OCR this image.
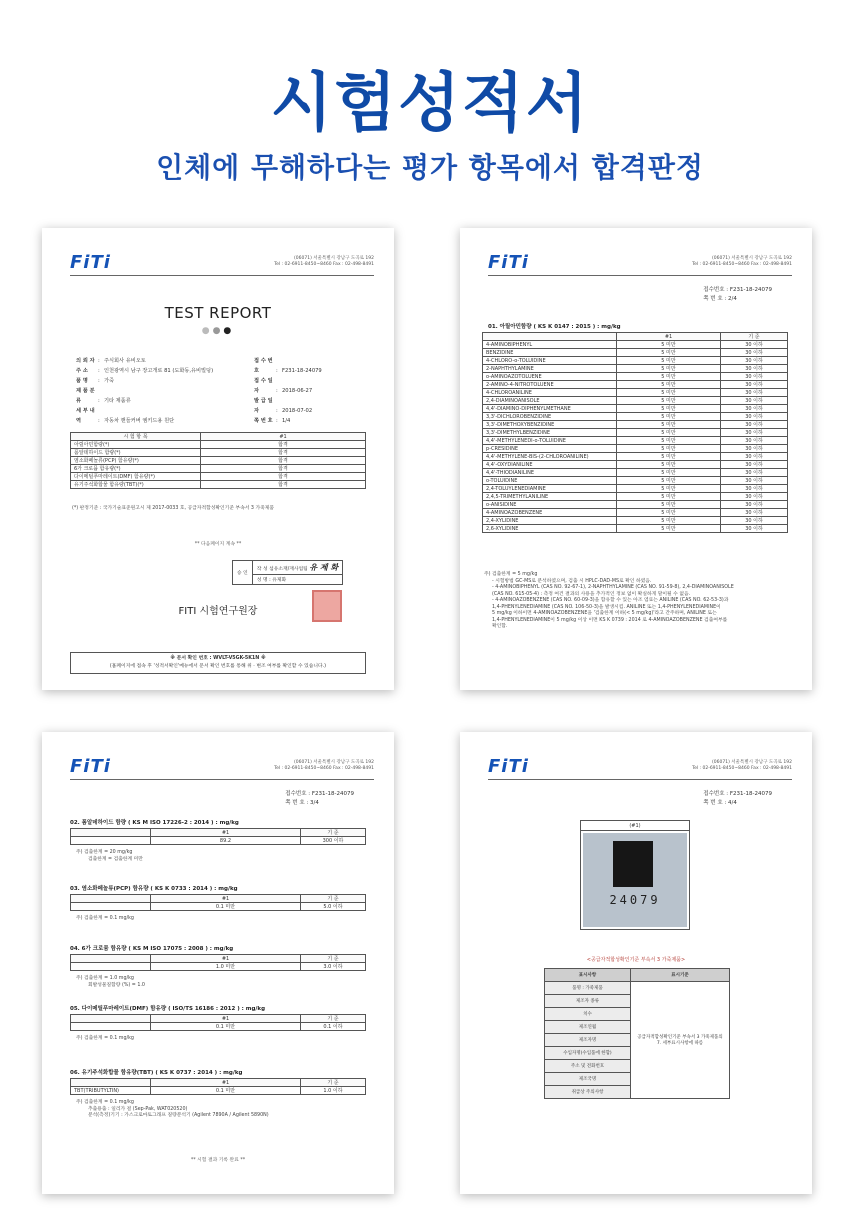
시험성적서
인체에 무해하다는 평가 항목에서 합격판정
FiTi	(06071) 서울특별시 강남구 도곡로 192
Tel : 02-6911-8450~8460 Fax : 02-498-8491
TEST REPORT
●●●
의 뢰 자 : 주식회사 유비오토
주 소 : 인천광역시 남구 장고개로 81 (도화동,유비빌딩)
품 명 : 가죽
제 품 분 류	: 기타 제품류
세 부 내 역	: 자동차 핸들커버 엠키드용 원단
접 수 번 호	: F231-18-24079
접 수 일 자	: 2018-06-27
발 급 일 자	: 2018-07-02
쪽 번 호 : 1/4
시 험 항 목	#1
아릴아민함량(*)	합격
폼알데하이드 함량(*)	합격
염소화페놀류(PCP) 함유량(*)	합격
6가 크로뮴 함유량(*)	합격
다이메틸푸마레이트(DMF) 함유량(*)	합격
유기주석화합물 함유량(TBT)(*)	합격
(*) 판정기준 : 국가기술표준원고시 제 2017-0033 호, 공급자적합성확인기준 부속서 3 가죽제품
** 다음페이지 계속 **
승 인	작 성 섬유소재/재사업팀 유 제 화
성 명 : 유제화
FITI 시험연구원장
※ 문서 확인 번호 : WVLT-V5GK-5K1N ※
(홈페이지에 접속 후 '성적서확인'메뉴에서 문서 확인 번호를 통해 위 · 변조 여부를 확인할 수 있습니다.)
FiTi	(06071) 서울특별시 강남구 도곡로 192
Tel : 02-6911-8450~8460 Fax : 02-498-8491
접수번호 : F231-18-24079
쪽 번 호 : 2/4
01. 아릴아민함량 ( KS K 0147 : 2015 ) : mg/kg
	#1	기 준
4-AMINOBIPHENYL	5 미만	30 이하
BENZIDINE	5 미만	30 이하
4-CHLORO-o-TOLUIDINE	5 미만	30 이하
2-NAPHTHYLAMINE	5 미만	30 이하
o-AMINOAZOTOLUENE	5 미만	30 이하
2-AMINO-4-NITROTOLUENE	5 미만	30 이하
4-CHLOROANILINE	5 미만	30 이하
2,4-DIAMINOANISOLE	5 미만	30 이하
4,4'-DIAMINO-DIPHENYLMETHANE	5 미만	30 이하
3,3'-DICHLOROBENZIDINE	5 미만	30 이하
3,3'-DIMETHOXYBENZIDINE	5 미만	30 이하
3,3'-DIMETHYLBENZIDINE	5 미만	30 이하
4,4'-METHYLENEDI-o-TOLUIDINE	5 미만	30 이하
p-CRESIDINE	5 미만	30 이하
4,4'-METHYLENE-BIS-(2-CHLOROANILINE)	5 미만	30 이하
4,4'-OXYDIANILINE	5 미만	30 이하
4,4'-THIODIANILINE	5 미만	30 이하
o-TOLUIDINE	5 미만	30 이하
2,4-TOLUYLENEDIAMINE	5 미만	30 이하
2,4,5-TRIMETHYLANILINE	5 미만	30 이하
o-ANISIDINE	5 미만	30 이하
4-AMINOAZOBENZENE	5 미만	30 이하
2,4-XYLIDINE	5 미만	30 이하
2,6-XYLIDINE	5 미만	30 이하
주) 검출한계 = 5 mg/kg
- 시험방법 GC-MS로 분석하였으며, 검출 시 HPLC-DAD-MS로 확인 하였음.
- 4-AMINOBIPHENYL (CAS NO. 92-67-1), 2-NAPHTHYLAMINE (CAS NO. 91-59-8), 2,4-DIAMINOANISOLE
(CAS NO. 615-05-4) : 측정 여건 결과의 사용을 추가적인 정보 없이 확실하게 말이될 수 없음.
- 4-AMINOAZOBENZENE (CAS NO. 60-09-3)을 함유할 수 있는 아조 염료는 ANILINE (CAS NO. 62-53-3)과
1,4-PHENYLENEDIAMINE (CAS NO. 106-50-3)을 발생시킴. ANILINE 또는 1,4-PHENYLENEDIAMINE이
5 mg/kg 이하이면 4-AMINOAZOBENZENE을 '검출한계 이하(< 5 mg/kg)'라고 간주하며, ANILINE 또는
1,4-PHENYLENEDIAMINE이 5 mg/kg 이상 이면 KS K 0739 : 2014 로 4-AMINOAZOBENZENE 검출여부를
확인함.
FiTi	(06071) 서울특별시 강남구 도곡로 192
Tel : 02-6911-8450~8460 Fax : 02-498-8491
접수번호 : F231-18-24079
쪽 번 호 : 3/4
02. 폼알데하이드 함량 ( KS M ISO 17226-2 : 2014 ) : mg/kg
	#1	기 준
	89.2	300 이하
주) 검출한계 = 20 mg/kg
검출한계 = 검출한계 미만
03. 염소화페놀류(PCP) 함유량 ( KS K 0733 : 2014 ) : mg/kg
	#1	기 준
	0.1 미만	5.0 이하
주) 검출한계 = 0.1 mg/kg
04. 6가 크로뮴 함유량 ( KS M ISO 17075 : 2008 ) : mg/kg
	#1	기 준
	1.0 미만	3.0 이하
주) 검출한계 = 1.0 mg/kg
회발성물질함량 (%) = 1.0
05. 다이메틸푸마레이트(DMF) 함유량 ( ISO/TS 16186 : 2012 ) : mg/kg
	#1	기 준
	0.1 미만	0.1 이하
주) 검출한계 = 0.1 mg/kg
06. 유기주석화합물 함유량(TBT) ( KS K 0737 : 2014 ) : mg/kg
	#1	기 준
TBT(TRIBUTYLTIN)	0.1 미만	1.0 이하
주) 검출한계 = 0.1 mg/kg
추출용출 : 일리가 걸 (Sep-Pak, WAT020520)
분석(측정)기기 : 가스크로마토그래프 질량분석기 (Agilent 7890A / Agilent 5890N)
** 시험 결과 기록 완료 **
FiTi	(06071) 서울특별시 강남구 도곡로 192
Tel : 02-6911-8450~8460 Fax : 02-498-8491
접수번호 : F231-18-24079
쪽 번 호 : 4/4
(#1)
24079
<공급자적합성확인기준 부속서 3 가죽제품>
표시사항	표시기준
품명 : 가죽제품	공급자적합성확인기준 부속서 3 가죽제품의 7. 세부표시사항에 따름
제조자 종류	
치수	
제조연월	
제조자명	
수입자명(수입품에 한함)	
주소 및 전화번호	
제조국명	
취급상 주의사항	
